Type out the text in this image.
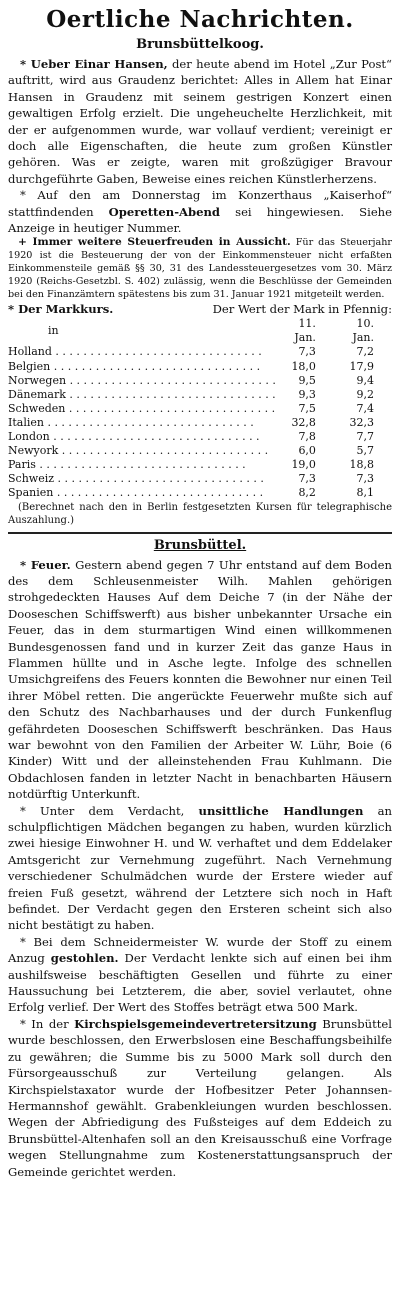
Oertliche Nachrichten.
Brunsbüttelkoog.

* Ueber Einar Hansen, der heute abend im Hotel „Zur Post“ auftritt, wird aus Graudenz berichtet: Alles in Allem hat Einar Hansen in Graudenz mit seinem gestrigen Konzert einen gewaltigen Erfolg erzielt. Die ungeheuchelte Herzlichkeit, mit der er aufgenommen wurde, war vollauf verdient; vereinigt er doch alle Eigenschaften, die heute zum großen Künstler gehören. Was er zeigte, waren mit großzügiger Bravour durchgeführte Gaben, Beweise eines reichen Künstlerherzens.

* Auf den am Donnerstag im Konzerthaus „Kaiserhof“ stattfindenden Operetten-Abend sei hingewiesen. Siehe Anzeige in heutiger Nummer.

+ Immer weitere Steuerfreuden in Aussicht. Für das Steuerjahr 1920 ist die Besteuerung der von der Einkommensteuer nicht erfaßten Einkommensteile gemäß §§ 30, 31 des Landessteuergesetzes vom 30. März 1920 (Reichs-Gesetzbl. S. 402) zulässig, wenn die Beschlüsse der Gemeinden bei den Finanzämtern spätestens bis zum 31. Januar 1921 mitgeteilt werden.

* Der Markkurs.	Der Wert der Mark in Pfennig:
in	11. Jan.	10. Jan.
Holland . . . . . . . . . . . . . . . . . . . . . . . . . . . . . .	7,3	7,2
Belgien . . . . . . . . . . . . . . . . . . . . . . . . . . . . . .	18,0	17,9
Norwegen . . . . . . . . . . . . . . . . . . . . . . . . . . . . . .	9,5	9,4
Dänemark . . . . . . . . . . . . . . . . . . . . . . . . . . . . . .	9,3	9,2
Schweden . . . . . . . . . . . . . . . . . . . . . . . . . . . . . .	7,5	7,4
Italien . . . . . . . . . . . . . . . . . . . . . . . . . . . . . .	32,8	32,3
London . . . . . . . . . . . . . . . . . . . . . . . . . . . . . .	7,8	7,7
Newyork . . . . . . . . . . . . . . . . . . . . . . . . . . . . . .	6,0	5,7
Paris . . . . . . . . . . . . . . . . . . . . . . . . . . . . . .	19,0	18,8
Schweiz . . . . . . . . . . . . . . . . . . . . . . . . . . . . . .	7,3	7,3
Spanien . . . . . . . . . . . . . . . . . . . . . . . . . . . . . .	8,2	8,1

(Berechnet nach den in Berlin festgesetzten Kursen für telegraphische Auszahlung.)

Brunsbüttel.

* Feuer. Gestern abend gegen 7 Uhr entstand auf dem Boden des dem Schleusenmeister Wilh. Mahlen gehörigen strohgedeckten Hauses Auf dem Deiche 7 (in der Nähe der Dooseschen Schiffswerft) aus bisher unbekannter Ursache ein Feuer, das in dem sturmartigen Wind einen willkommenen Bundesgenossen fand und in kurzer Zeit das ganze Haus in Flammen hüllte und in Asche legte. Infolge des schnellen Umsichgreifens des Feuers konnten die Bewohner nur einen Teil ihrer Möbel retten. Die angerückte Feuerwehr mußte sich auf den Schutz des Nachbarhauses und der durch Funkenflug gefährdeten Dooseschen Schiffswerft beschränken. Das Haus war bewohnt von den Familien der Arbeiter W. Lühr, Boie (6 Kinder) Witt und der alleinstehenden Frau Kuhlmann. Die Obdachlosen fanden in letzter Nacht in benachbarten Häusern notdürftig Unterkunft.

* Unter dem Verdacht, unsittliche Handlungen an schulpflichtigen Mädchen begangen zu haben, wurden kürzlich zwei hiesige Einwohner H. und W. verhaftet und dem Eddelaker Amtsgericht zur Vernehmung zugeführt. Nach Vernehmung verschiedener Schulmädchen wurde der Erstere wieder auf freien Fuß gesetzt, während der Letztere sich noch in Haft befindet. Der Verdacht gegen den Ersteren scheint sich also nicht bestätigt zu haben.

* Bei dem Schneidermeister W. wurde der Stoff zu einem Anzug gestohlen. Der Verdacht lenkte sich auf einen bei ihm aushilfsweise beschäftigten Gesellen und führte zu einer Haussuchung bei Letzterem, die aber, soviel verlautet, ohne Erfolg verlief. Der Wert des Stoffes beträgt etwa 500 Mark.

* In der Kirchspielsgemeindevertretersitzung Brunsbüttel wurde beschlossen, den Erwerbslosen eine Beschaffungsbeihilfe zu gewähren; die Summe bis zu 5000 Mark soll durch den Fürsorgeausschuß zur Verteilung gelangen. Als Kirchspielstaxator wurde der Hofbesitzer Peter Johannsen-Hermannshof gewählt. Grabenkleiungen wurden beschlossen. Wegen der Abfriedigung des Fußsteiges auf dem Eddeich zu Brunsbüttel-Altenhafen soll an den Kreisausschuß eine Vorfrage wegen Stellungnahme zum Kostenerstattungsanspruch der Gemeinde gerichtet werden.
